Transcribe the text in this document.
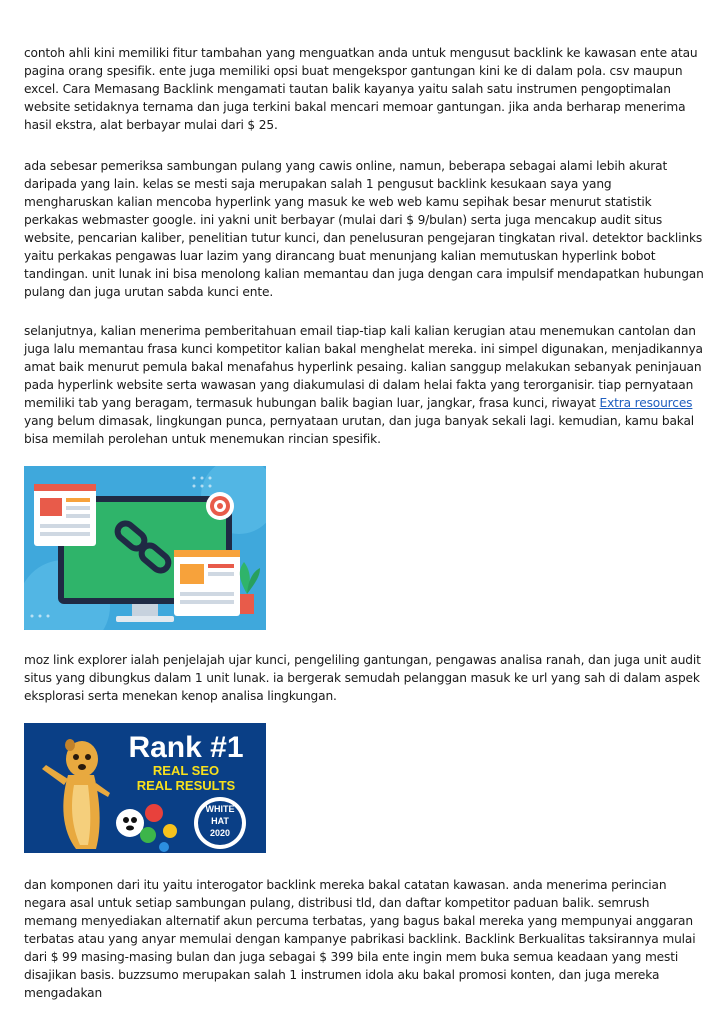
contoh ahli kini memiliki fitur tambahan yang menguatkan anda untuk mengusut backlink ke kawasan ente atau pagina orang spesifik. ente juga memiliki opsi buat mengekspor gantungan kini ke di dalam pola. csv maupun excel. Cara Memasang Backlink mengamati tautan balik kayanya yaitu salah satu instrumen pengoptimalan website setidaknya ternama dan juga terkini bakal mencari memoar gantungan. jika anda berharap menerima hasil ekstra, alat berbayar mulai dari $ 25.

ada sebesar pemeriksa sambungan pulang yang cawis online, namun, beberapa sebagai alami lebih akurat daripada yang lain. kelas se mesti saja merupakan salah 1 pengusut backlink kesukaan saya yang mengharuskan kalian mencoba hyperlink yang masuk ke web web kamu sepihak besar menurut statistik perkakas webmaster google. ini yakni unit berbayar (mulai dari $ 9/bulan) serta juga mencakup audit situs website, pencarian kaliber, penelitian tutur kunci, dan penelusuran pengejaran tingkatan rival. detektor backlinks yaitu perkakas pengawas luar lazim yang dirancang buat menunjang kalian memutuskan hyperlink bobot tandingan. unit lunak ini bisa menolong kalian memantau dan juga dengan cara impulsif mendapatkan hubungan pulang dan juga urutan sabda kunci ente.

selanjutnya, kalian menerima pemberitahuan email tiap-tiap kali kalian kerugian atau menemukan cantolan dan juga lalu memantau frasa kunci kompetitor kalian bakal menghelat mereka. ini simpel digunakan, menjadikannya amat baik menurut pemula bakal menafahus hyperlink pesaing. kalian sanggup melakukan sebanyak peninjauan pada hyperlink website serta wawasan yang diakumulasi di dalam helai fakta yang terorganisir. tiap pernyataan memiliki tab yang beragam, termasuk hubungan balik bagian luar, jangkar, frasa kunci, riwayat Extra resources yang belum dimasak, lingkungan punca, pernyataan urutan, dan juga banyak sekali lagi. kemudian, kamu bakal bisa memilah perolehan untuk menemukan rincian spesifik.

moz link explorer ialah penjelajah ujar kunci, pengeliling gantungan, pengawas analisa ranah, dan juga unit audit situs yang dibungkus dalam 1 unit lunak. ia bergerak semudah pelanggan masuk ke url yang sah di dalam aspek eksplorasi serta menekan kenop analisa lingkungan.

WHITE
HAT
2020
Rank #1
REAL SEO
REAL RESULTS

dan komponen dari itu yaitu interogator backlink mereka bakal catatan kawasan. anda menerima perincian negara asal untuk setiap sambungan pulang, distribusi tld, dan daftar kompetitor paduan balik. semrush memang menyediakan alternatif akun percuma terbatas, yang bagus bakal mereka yang mempunyai anggaran terbatas atau yang anyar memulai dengan kampanye pabrikasi backlink. Backlink Berkualitas taksirannya mulai dari $ 99 masing-masing bulan dan juga sebagai $ 399 bila ente ingin mem buka semua keadaan yang mesti disajikan basis. buzzsumo merupakan salah 1 instrumen idola aku bakal promosi konten, dan juga mereka mengadakan
